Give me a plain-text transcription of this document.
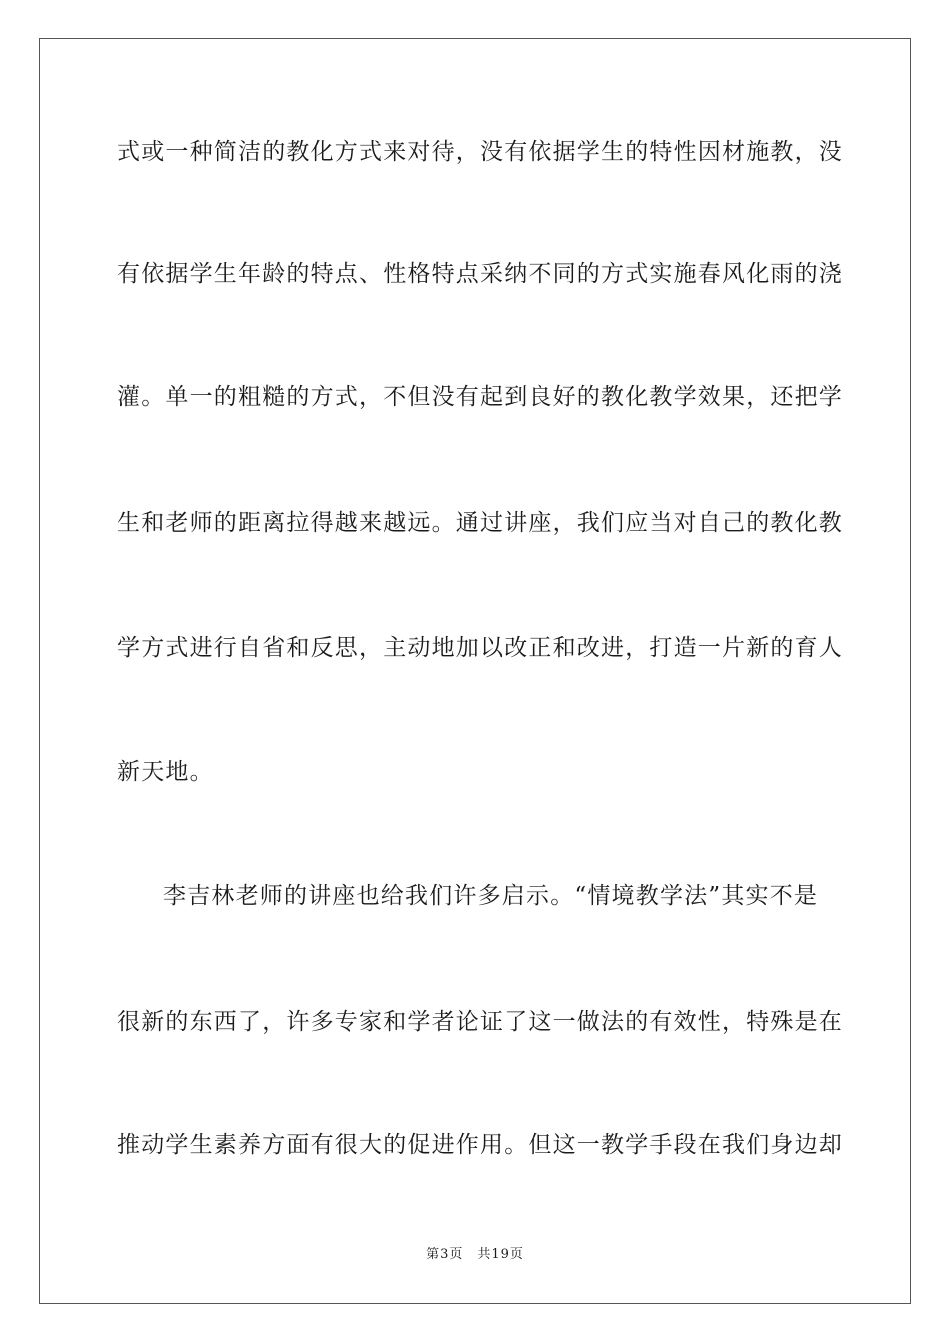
式或一种简洁的教化方式来对待，没有依据学生的特性因材施教，没
有依据学生年龄的特点、性格特点采纳不同的方式实施春风化雨的浇
灌。单一的粗糙的方式，不但没有起到良好的教化教学效果，还把学
生和老师的距离拉得越来越远。通过讲座，我们应当对自己的教化教
学方式进行自省和反思，主动地加以改正和改进，打造一片新的育人
新天地。
李吉林老师的讲座也给我们许多启示。“情境教学法”其实不是
很新的东西了，许多专家和学者论证了这一做法的有效性，特殊是在
推动学生素养方面有很大的促进作用。但这一教学手段在我们身边却
第3页　共19页
